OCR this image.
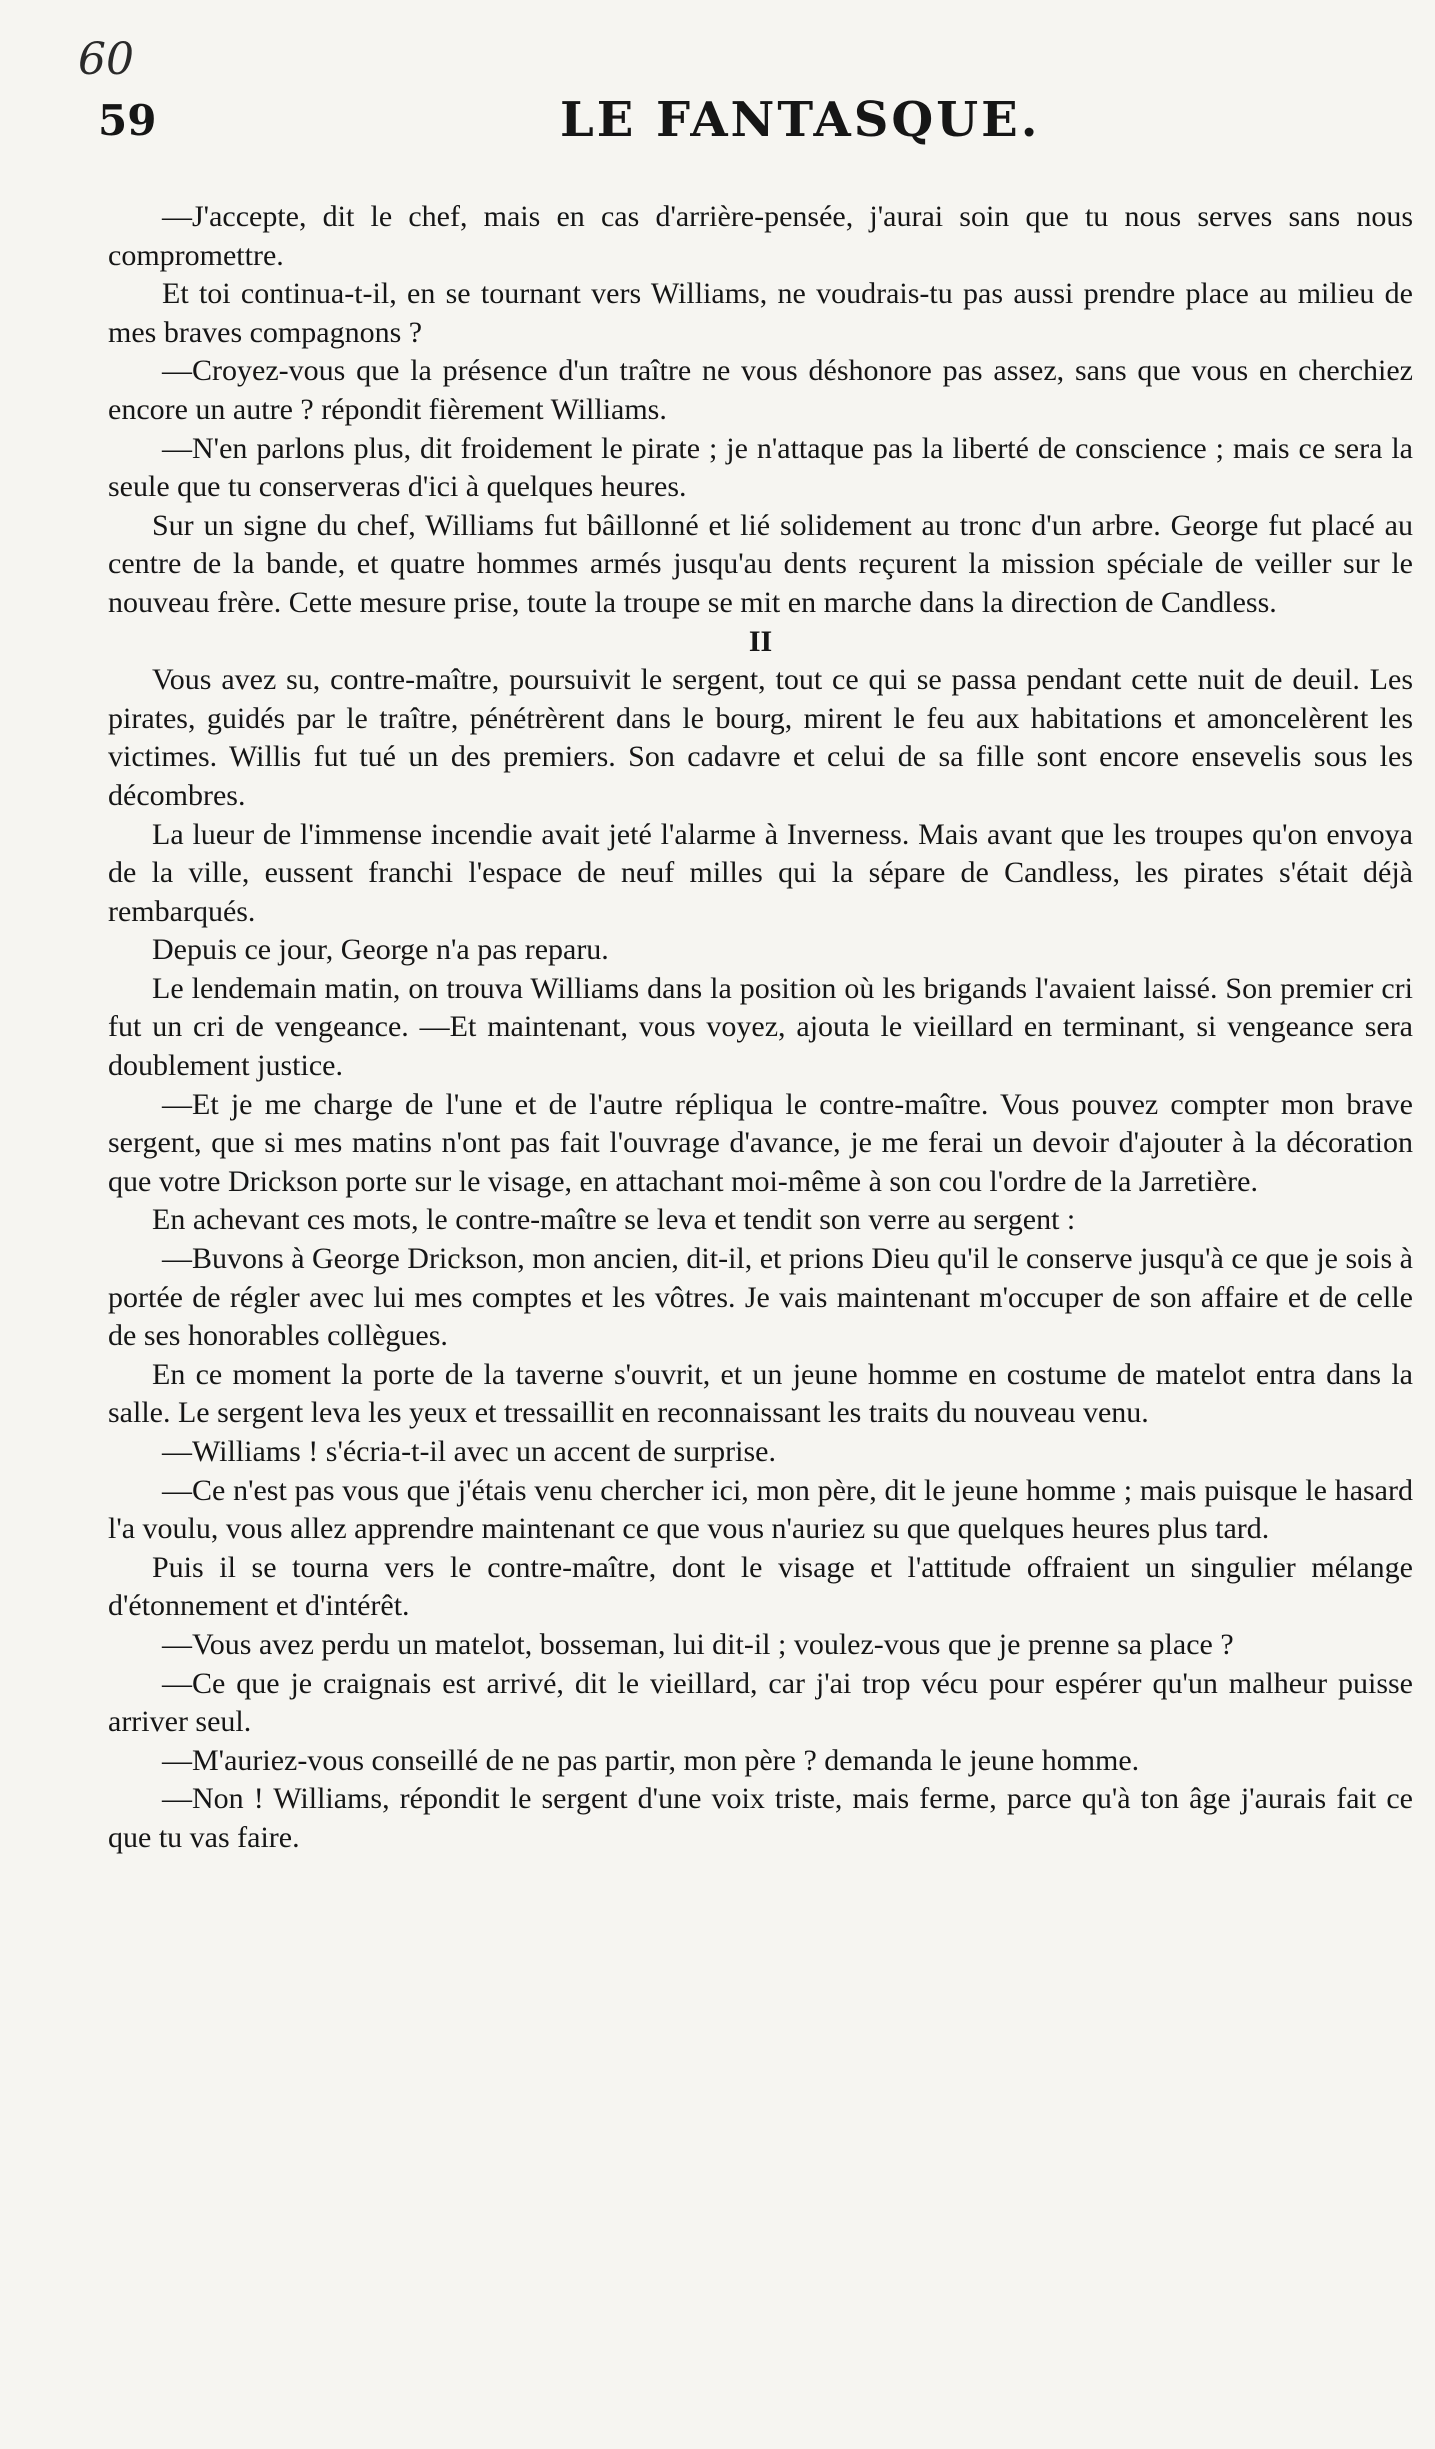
60
59	LE FANTASQUE.

—J'accepte, dit le chef, mais en cas d'arrière-pensée, j'aurai soin que tu nous serves sans nous compromettre.

Et toi continua-t-il, en se tournant vers Williams, ne voudrais-tu pas aussi prendre place au milieu de mes braves compagnons ?

—Croyez-vous que la présence d'un traître ne vous déshonore pas assez, sans que vous en cherchiez encore un autre ? répondit fièrement Williams.

—N'en parlons plus, dit froidement le pirate ; je n'attaque pas la liberté de conscience ; mais ce sera la seule que tu conserveras d'ici à quelques heures.

Sur un signe du chef, Williams fut bâillonné et lié solidement au tronc d'un arbre. George fut placé au centre de la bande, et quatre hommes armés jusqu'au dents reçurent la mission spéciale de veiller sur le nouveau frère. Cette mesure prise, toute la troupe se mit en marche dans la direction de Candless.

II

Vous avez su, contre-maître, poursuivit le sergent, tout ce qui se passa pendant cette nuit de deuil. Les pirates, guidés par le traître, pénétrèrent dans le bourg, mirent le feu aux habitations et amoncelèrent les victimes. Willis fut tué un des premiers. Son cadavre et celui de sa fille sont encore ensevelis sous les décombres.

La lueur de l'immense incendie avait jeté l'alarme à Inverness. Mais avant que les troupes qu'on envoya de la ville, eussent franchi l'espace de neuf milles qui la sépare de Candless, les pirates s'était déjà rembarqués.

Depuis ce jour, George n'a pas reparu.

Le lendemain matin, on trouva Williams dans la position où les brigands l'avaient laissé. Son premier cri fut un cri de vengeance. —Et maintenant, vous voyez, ajouta le vieillard en terminant, si vengeance sera doublement justice.

—Et je me charge de l'une et de l'autre répliqua le contre-maître. Vous pouvez compter mon brave sergent, que si mes matins n'ont pas fait l'ouvrage d'avance, je me ferai un devoir d'ajouter à la décoration que votre Drickson porte sur le visage, en attachant moi-même à son cou l'ordre de la Jarretière.

En achevant ces mots, le contre-maître se leva et tendit son verre au sergent :

—Buvons à George Drickson, mon ancien, dit-il, et prions Dieu qu'il le conserve jusqu'à ce que je sois à portée de régler avec lui mes comptes et les vôtres. Je vais maintenant m'occuper de son affaire et de celle de ses honorables collègues.

En ce moment la porte de la taverne s'ouvrit, et un jeune homme en costume de matelot entra dans la salle. Le sergent leva les yeux et tressaillit en reconnaissant les traits du nouveau venu.

—Williams ! s'écria-t-il avec un accent de surprise.

—Ce n'est pas vous que j'étais venu chercher ici, mon père, dit le jeune homme ; mais puisque le hasard l'a voulu, vous allez apprendre maintenant ce que vous n'auriez su que quelques heures plus tard.

Puis il se tourna vers le contre-maître, dont le visage et l'attitude offraient un singulier mélange d'étonnement et d'intérêt.

—Vous avez perdu un matelot, bosseman, lui dit-il ; voulez-vous que je prenne sa place ?

—Ce que je craignais est arrivé, dit le vieillard, car j'ai trop vécu pour espérer qu'un malheur puisse arriver seul.

—M'auriez-vous conseillé de ne pas partir, mon père ? demanda le jeune homme.

—Non ! Williams, répondit le sergent d'une voix triste, mais ferme, parce qu'à ton âge j'aurais fait ce que tu vas faire.
